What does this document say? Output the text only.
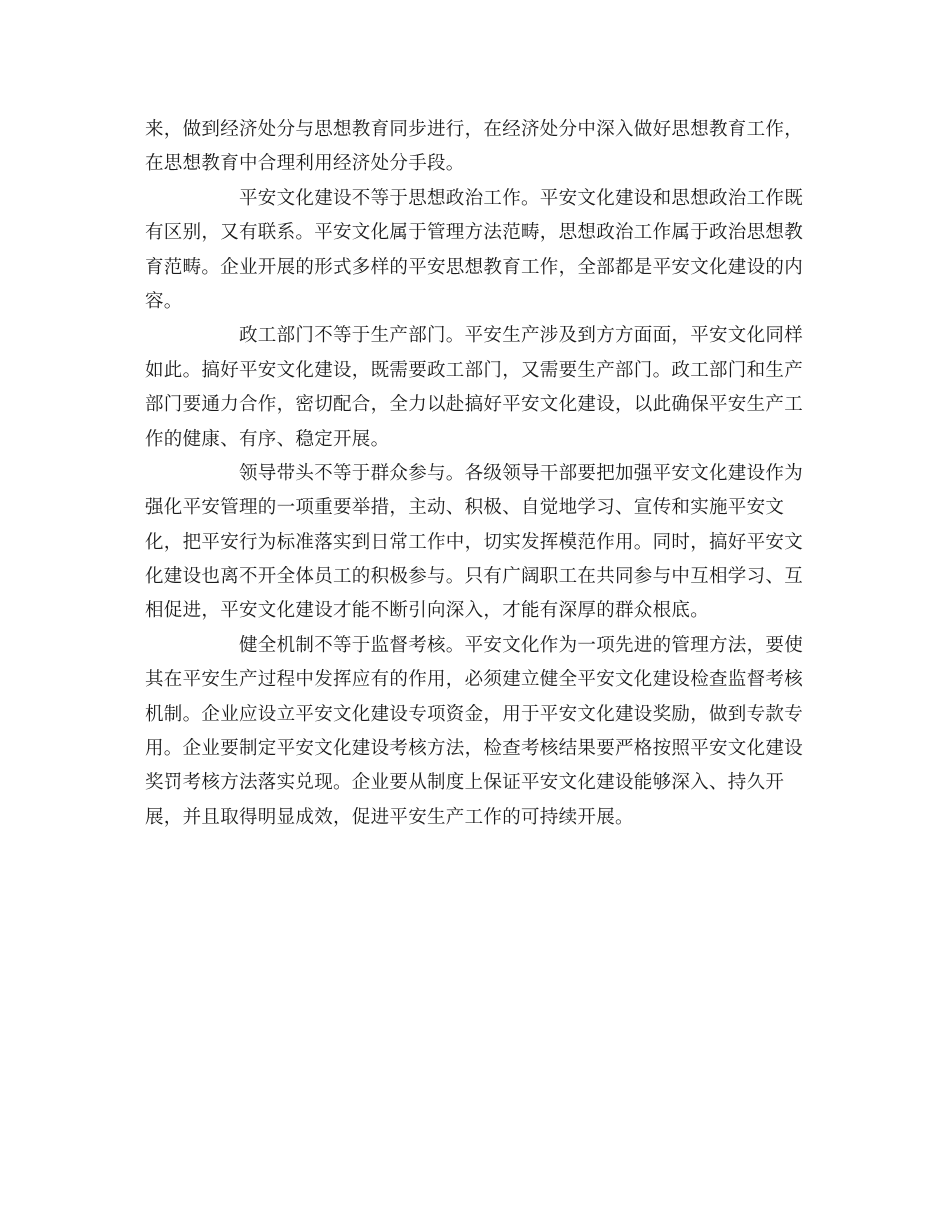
来，做到经济处分与思想教育同步进行，在经济处分中深入做好思想教育工作，
在思想教育中合理利用经济处分手段。
平安文化建设不等于思想政治工作。平安文化建设和思想政治工作既
有区别，又有联系。平安文化属于管理方法范畴，思想政治工作属于政治思想教
育范畴。企业开展的形式多样的平安思想教育工作，全部都是平安文化建设的内
容。
政工部门不等于生产部门。平安生产涉及到方方面面，平安文化同样
如此。搞好平安文化建设，既需要政工部门，又需要生产部门。政工部门和生产
部门要通力合作，密切配合，全力以赴搞好平安文化建设，以此确保平安生产工
作的健康、有序、稳定开展。
领导带头不等于群众参与。各级领导干部要把加强平安文化建设作为
强化平安管理的一项重要举措，主动、积极、自觉地学习、宣传和实施平安文
化，把平安行为标准落实到日常工作中，切实发挥模范作用。同时，搞好平安文
化建设也离不开全体员工的积极参与。只有广阔职工在共同参与中互相学习、互
相促进，平安文化建设才能不断引向深入，才能有深厚的群众根底。
健全机制不等于监督考核。平安文化作为一项先进的管理方法，要使
其在平安生产过程中发挥应有的作用，必须建立健全平安文化建设检查监督考核
机制。企业应设立平安文化建设专项资金，用于平安文化建设奖励，做到专款专
用。企业要制定平安文化建设考核方法，检查考核结果要严格按照平安文化建设
奖罚考核方法落实兑现。企业要从制度上保证平安文化建设能够深入、持久开
展，并且取得明显成效，促进平安生产工作的可持续开展。
